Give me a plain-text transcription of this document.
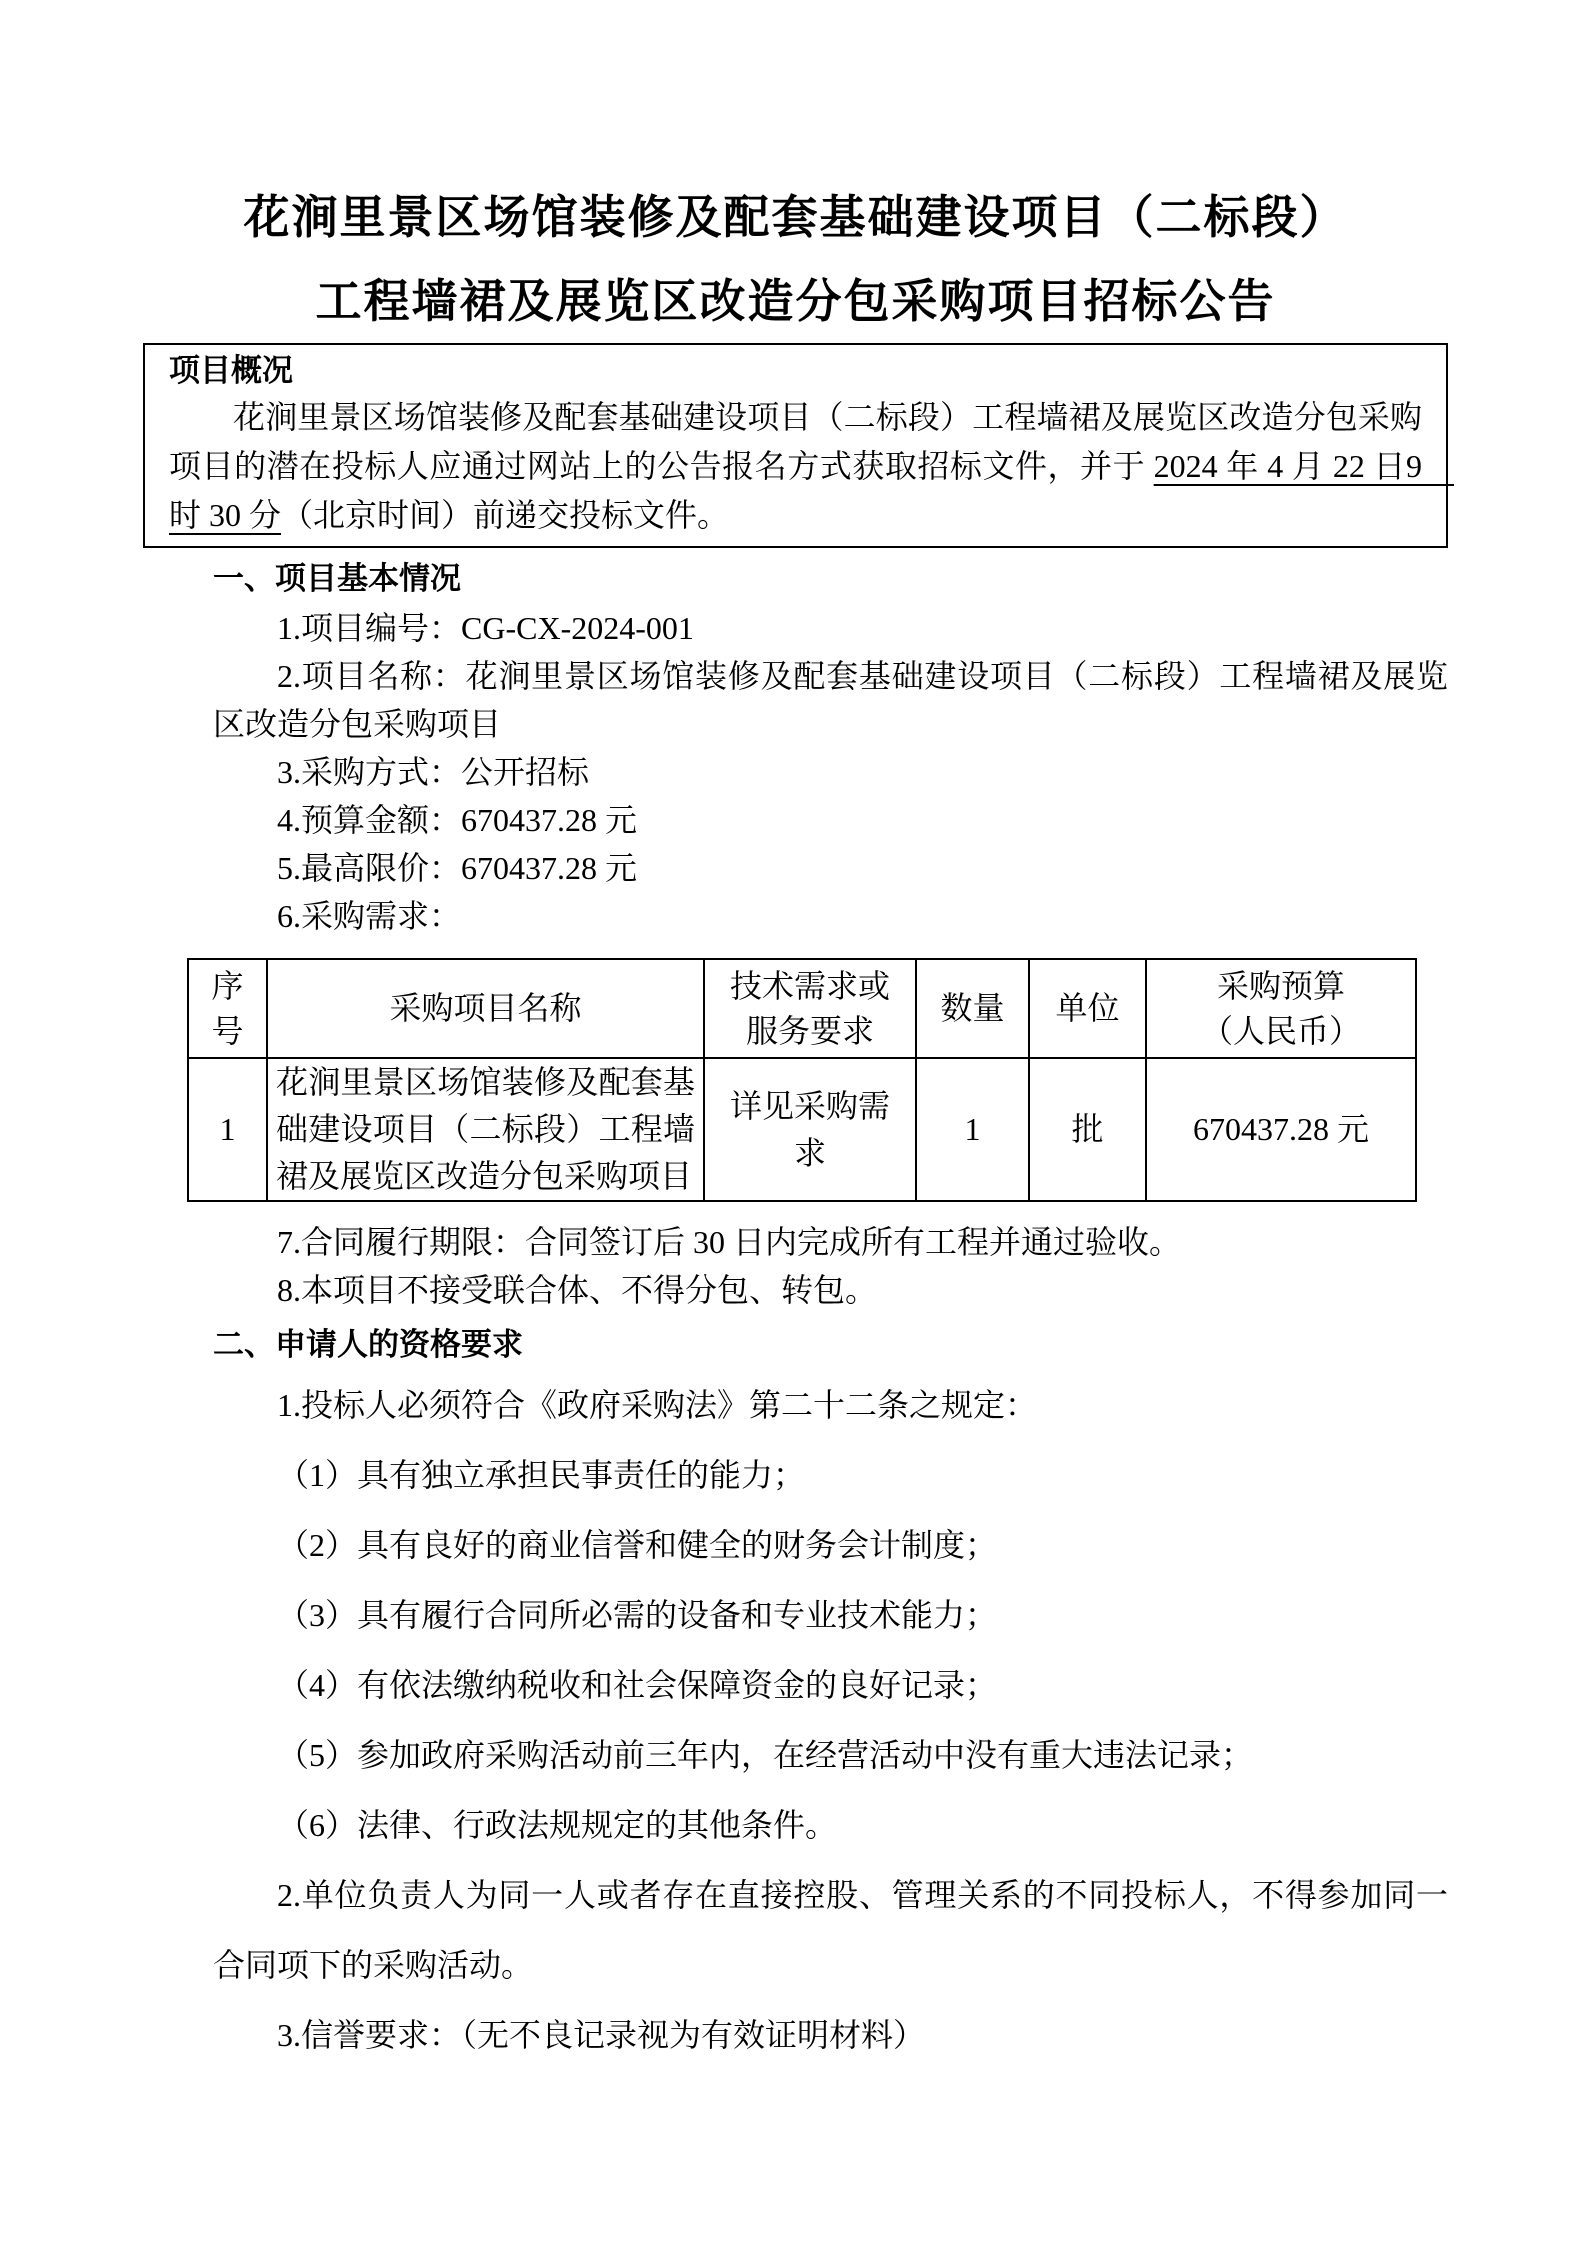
花涧里景区场馆装修及配套基础建设项目（二标段）
工程墙裙及展览区改造分包采购项目招标公告
项目概况

花涧里景区场馆装修及配套基础建设项目（二标段）工程墙裙及展览区改造分包采购项目的潜在投标人应通过网站上的公告报名方式获取招标文件，并于 2024 年 4 月 22 日9　时 30 分（北京时间）前递交投标文件。

一、项目基本情况

1.项目编号：CG-CX-2024-001

2.项目名称：花涧里景区场馆装修及配套基础建设项目（二标段）工程墙裙及展览区改造分包采购项目

3.采购方式：公开招标

4.预算金额：670437.28 元

5.最高限价：670437.28 元

6.采购需求：

序号	采购项目名称	技术需求或服务要求	数量	单位	采购预算（人民币）
1	花涧里景区场馆装修及配套基础建设项目（二标段）工程墙裙及展览区改造分包采购项目	详见采购需求	1	批	670437.28 元

7.合同履行期限：合同签订后 30 日内完成所有工程并通过验收。

8.本项目不接受联合体、不得分包、转包。

二、申请人的资格要求

1.投标人必须符合《政府采购法》第二十二条之规定：

（1）具有独立承担民事责任的能力；

（2）具有良好的商业信誉和健全的财务会计制度；

（3）具有履行合同所必需的设备和专业技术能力；

（4）有依法缴纳税收和社会保障资金的良好记录；

（5）参加政府采购活动前三年内，在经营活动中没有重大违法记录；

（6）法律、行政法规规定的其他条件。

2.单位负责人为同一人或者存在直接控股、管理关系的不同投标人，不得参加同一合同项下的采购活动。

3.信誉要求：（无不良记录视为有效证明材料）
